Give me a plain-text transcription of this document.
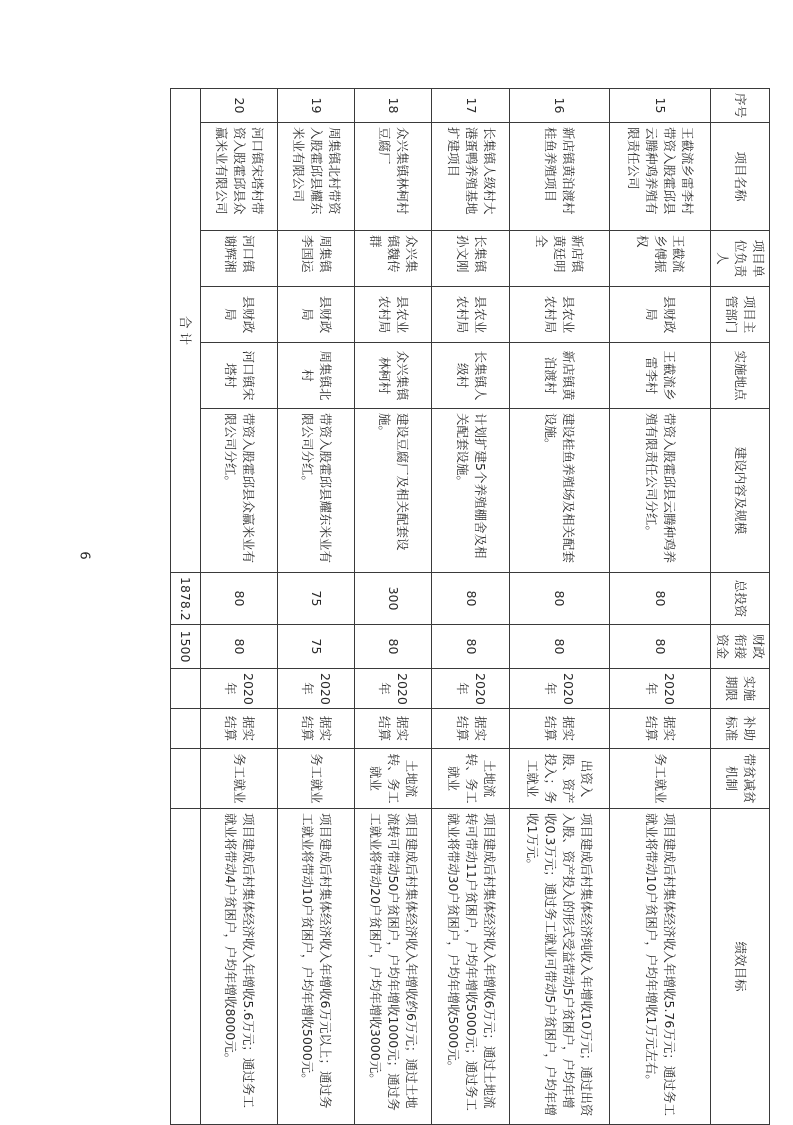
序号	项目名称	项目单位负责人	项目主管部门	实施地点	建设内容及规模	总投资	财政衔接资金	实施期限	补助标准	带贫减贫机制	绩效目标
15	王截流乡雷李村带资入股霍邱县云腾种鸡养殖有限责任公司	王截流乡傅振权	县财政局	王截流乡雷李村	带资入股霍邱县云腾种鸡养殖有限责任公司分红。	80	80	2020年	据实结算	务工就业	项目建成后村集体经济收入年增收5.76万元；通过务工就业将带动10户贫困户，户均年增收1万元左右。
16	新店镇黄泊渡村桂鱼养殖项目	新店镇黄廷明全	县农业农村局	新店镇黄泊渡村	建设桂鱼养殖场及相关配套设施。	80	80	2020年	据实结算	出资入股、资产投入；务工就业	项目建成后村集体经济纯收入年增收10万元；通过出资入股、资产投入的形式受益带动5户贫困户，户均年增收0.3万元；通过务工就业可带动5户贫困户，户均年增收1万元。
17	长集镇人级村大港蛋鸭养殖基地扩建项目	长集镇孙文刚	县农业农村局	长集镇人级村	计划扩建5个养殖棚舍及相关配套设施。	80	80	2020年	据实结算	土地流转、务工就业	项目建成后村集体经济收入年增收6万元；通过土地流转可带动11户贫困户，户均年增收5000元；通过务工就业将带动30户贫困户，户均年增收5000元。
18	众兴集镇林柯村豆腐厂	众兴集镇魏传群	县农业农村局	众兴集镇林柯村	建设豆腐厂及相关配套设施。	300	80	2020年	据实结算	土地流转、务工就业	项目建成后村集体经济收入年增收约6万元；通过土地流转可带动50户贫困户，户均年增收1000元；通过务工就业将带动20户贫困户，户均年增收3000元。
19	周集镇北村带资入股霍邱县耀东米业有限公司	周集镇李国运	县财政局	周集镇北村	带资入股霍邱县耀东米业有限公司分红。	75	75	2020年	据实结算	务工就业	项目建成后村集体经济收入年增收6万元以上；通过务工就业将带动10户贫困户，户均年增收5000元。
20	河口镇宋塔村带资入股霍邱县众赢米业有限公司	河口镇谢辉湘	县财政局	河口镇宋塔村	带资入股霍邱县众赢米业有限公司分红。	80	80	2020年	据实结算	务工就业	项目建成后村集体经济收入年增收5.6万元；通过务工就业将带动4户贫困户，户均年增收8000元。
合 计						1878.2	1500				
6
